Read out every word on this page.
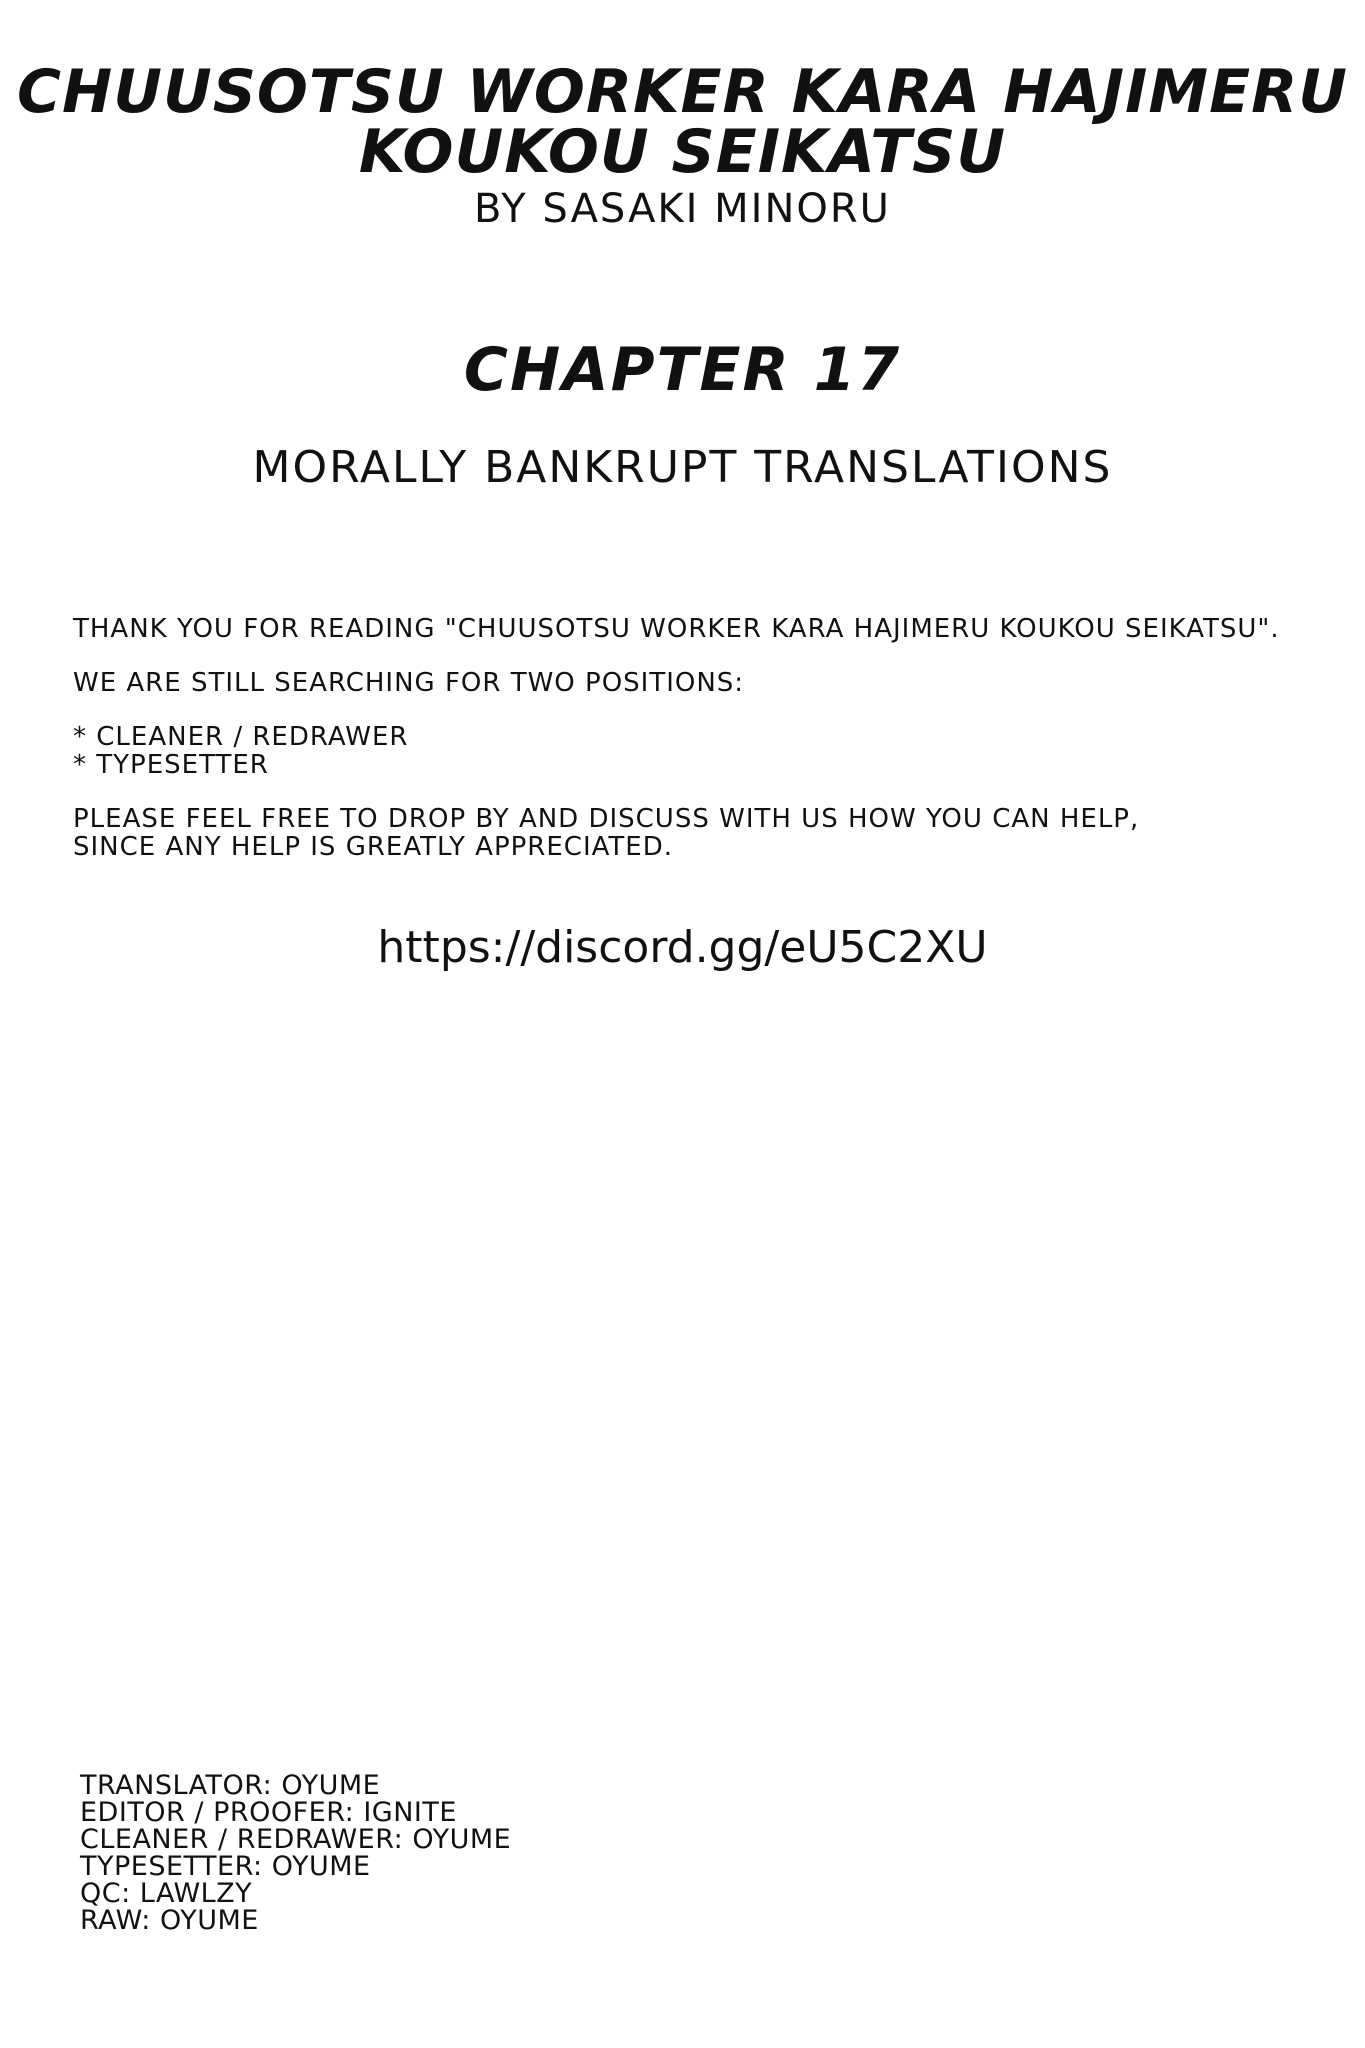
CHUUSOTSU WORKER KARA HAJIMERU
KOUKOU SEIKATSU

BY SASAKI MINORU

CHAPTER 17

MORALLY BANKRUPT TRANSLATIONS

THANK YOU FOR READING "CHUUSOTSU WORKER KARA HAJIMERU KOUKOU SEIKATSU".

WE ARE STILL SEARCHING FOR TWO POSITIONS:

* CLEANER / REDRAWER
* TYPESETTER

PLEASE FEEL FREE TO DROP BY AND DISCUSS WITH US HOW YOU CAN HELP,

SINCE ANY HELP IS GREATLY APPRECIATED.

https://discord.gg/eU5C2XU
TRANSLATOR: OYUME
EDITOR / PROOFER: IGNITE
CLEANER / REDRAWER: OYUME
TYPESETTER: OYUME
QC: LAWLZY
RAW: OYUME
